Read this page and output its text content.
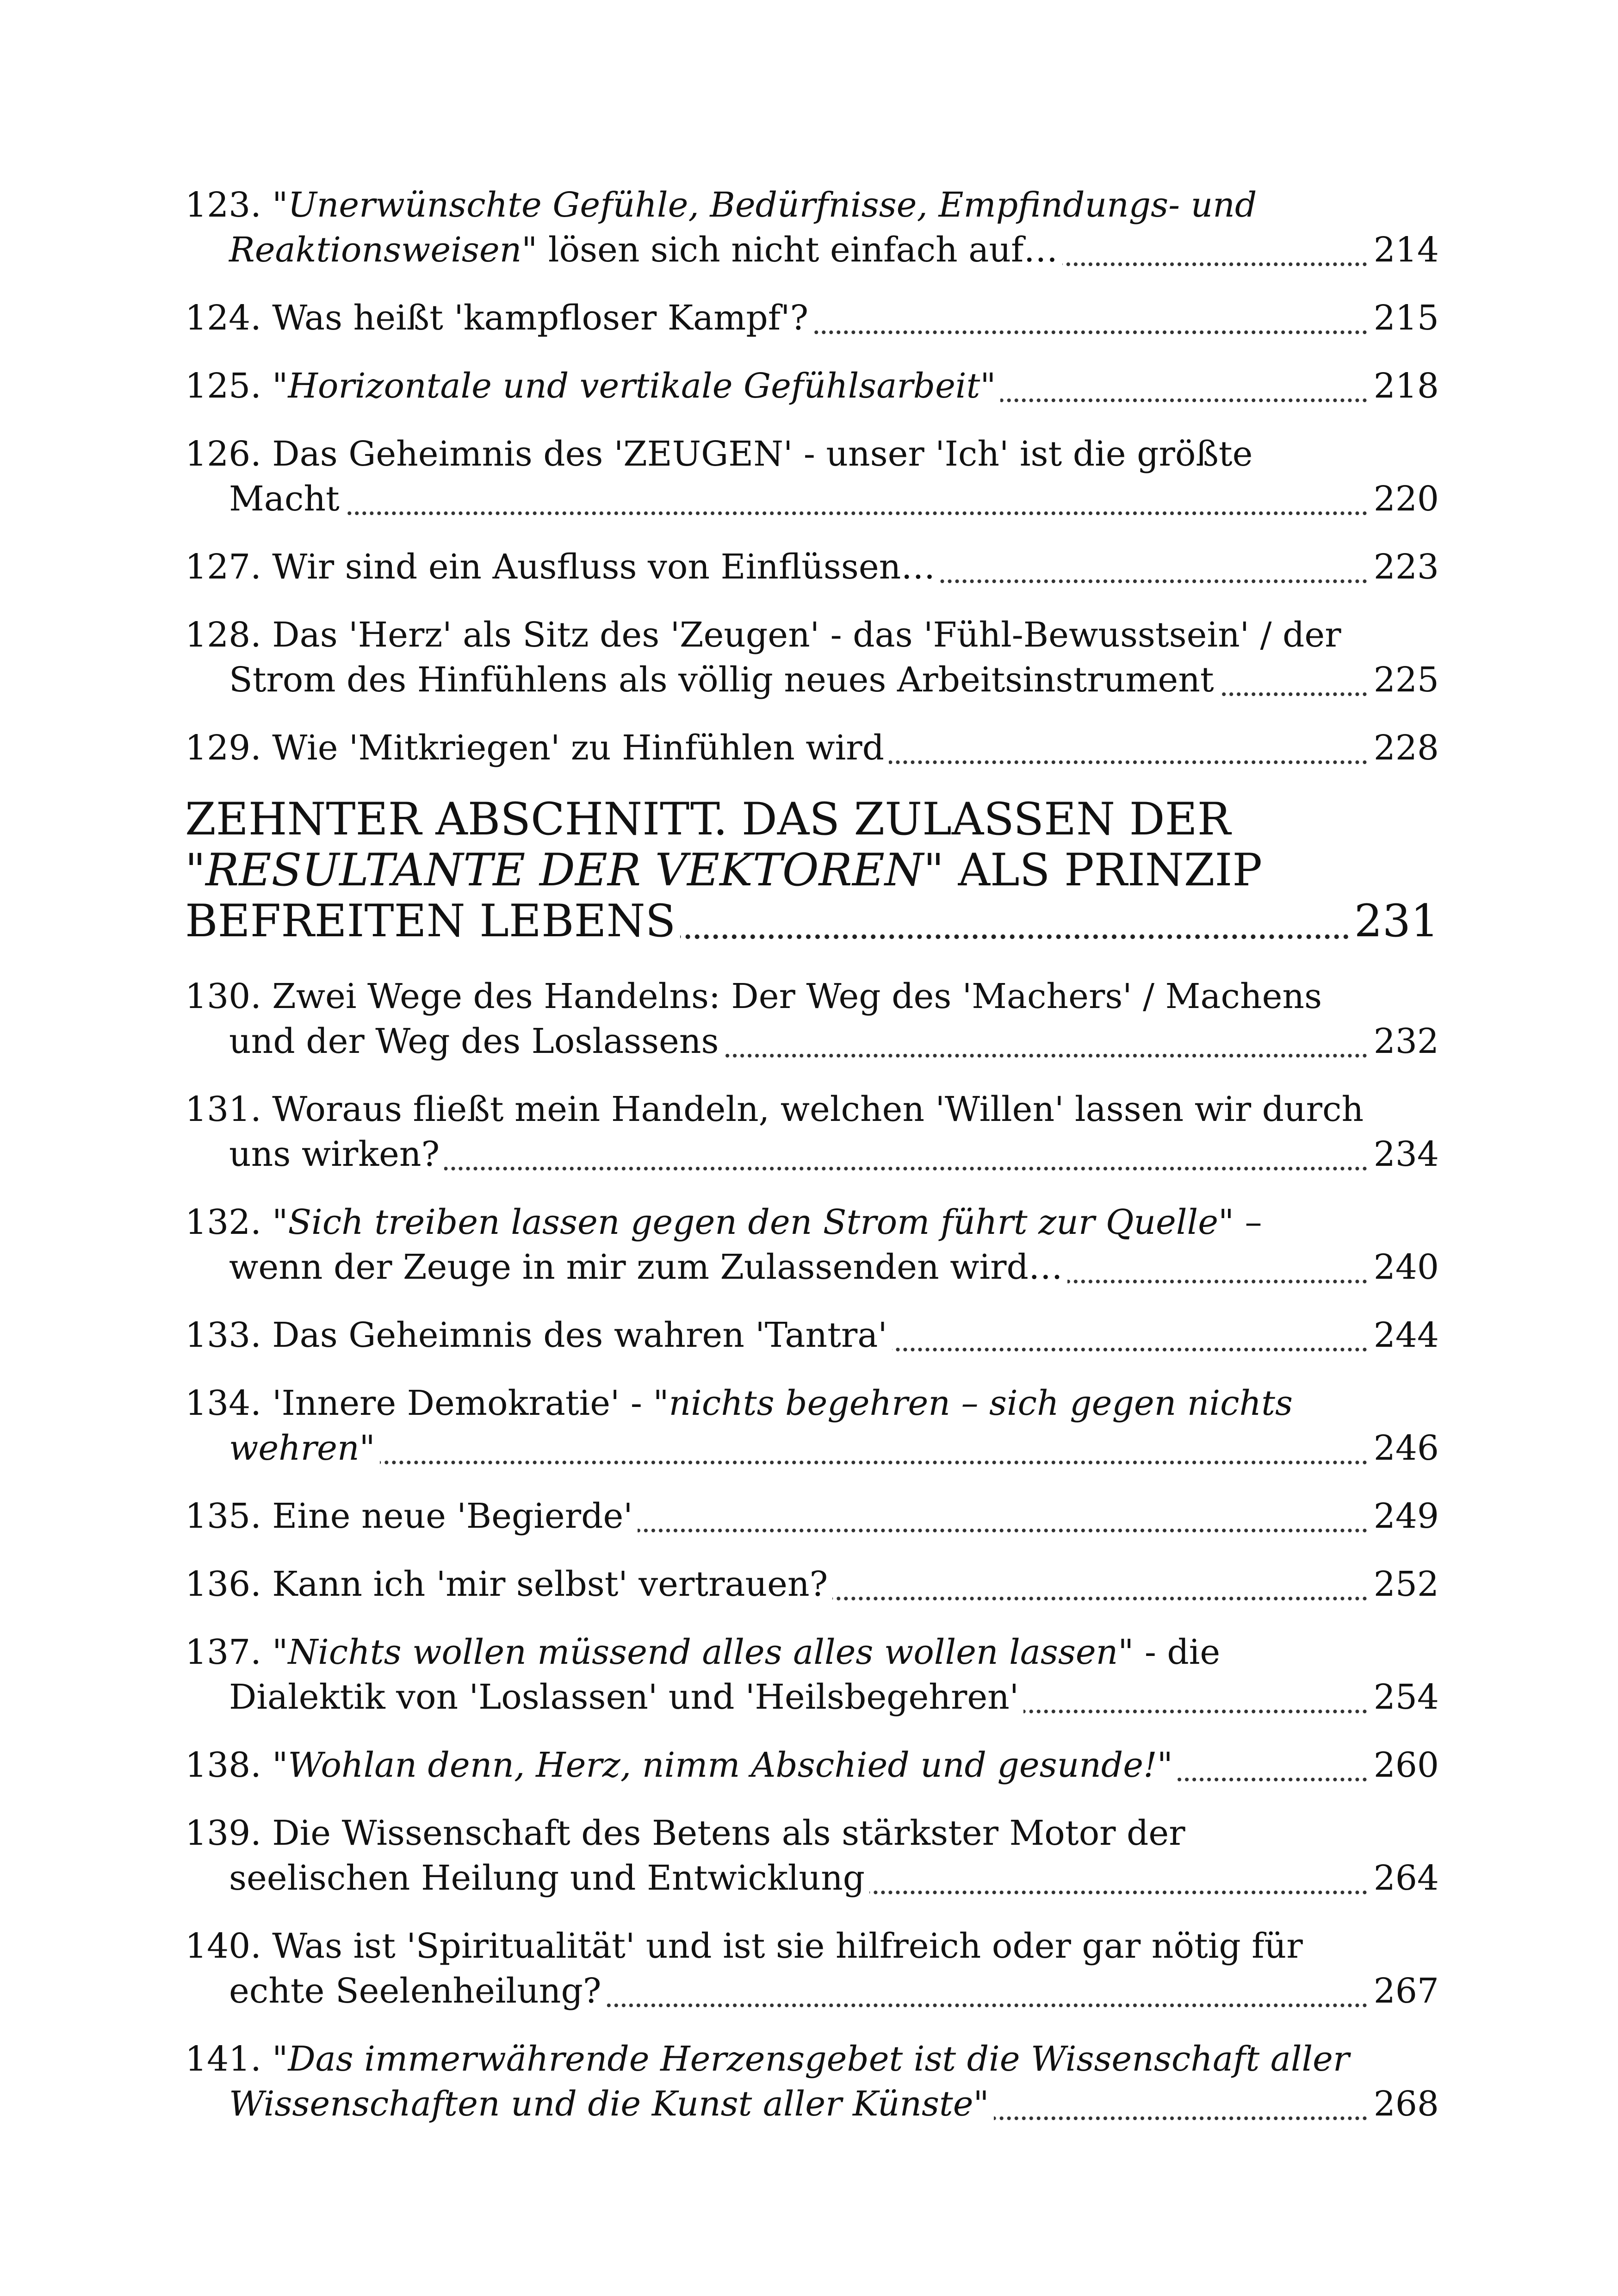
123. "Unerwünschte Gefühle, Bedürfnisse, Empfindungs- und Reaktionsweisen" lösen sich nicht einfach auf…	214
124. Was heißt 'kampfloser Kampf'?	215
125. "Horizontale und vertikale Gefühlsarbeit"	218
126. Das Geheimnis des 'ZEUGEN' - unser 'Ich' ist die größte Macht	220
127. Wir sind ein Ausfluss von Einflüssen…	223
128. Das 'Herz' als Sitz des 'Zeugen' - das 'Fühl-Bewusstsein' / der Strom des Hinfühlens als völlig neues Arbeitsinstrument	225
129. Wie 'Mitkriegen' zu Hinfühlen wird	228
ZEHNTER ABSCHNITT. DAS ZULASSEN DER "RESULTANTE DER VEKTOREN" ALS PRINZIP BEFREITEN LEBENS	231
130. Zwei Wege des Handelns: Der Weg des 'Machers' / Machens und der Weg des Loslassens	232
131. Woraus fließt mein Handeln, welchen 'Willen' lassen wir durch uns wirken?	234
132. "Sich treiben lassen gegen den Strom führt zur Quelle" – wenn der Zeuge in mir zum Zulassenden wird…	240
133. Das Geheimnis des wahren 'Tantra'	244
134. 'Innere Demokratie' - "nichts begehren – sich gegen nichts wehren"	246
135. Eine neue 'Begierde'	249
136. Kann ich 'mir selbst' vertrauen?	252
137. "Nichts wollen müssend alles alles wollen lassen" - die Dialektik von 'Loslassen' und 'Heilsbegehren'	254
138. "Wohlan denn, Herz, nimm Abschied und gesunde!"	260
139. Die Wissenschaft des Betens als stärkster Motor der seelischen Heilung und Entwicklung	264
140. Was ist 'Spiritualität' und ist sie hilfreich oder gar nötig für echte Seelenheilung?	267
141. "Das immerwährende Herzensgebet ist die Wissenschaft aller Wissenschaften und die Kunst aller Künste"	268
